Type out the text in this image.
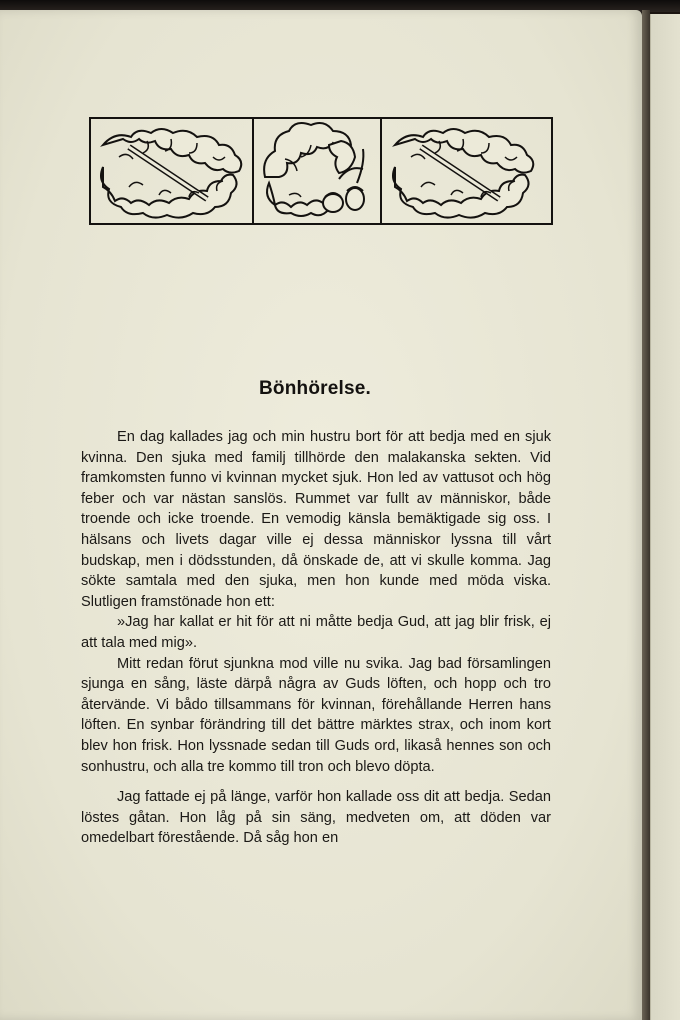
Bönhörelse.

En dag kallades jag och min hustru bort för att bedja med en sjuk kvinna. Den sjuka med familj tillhörde den malakanska sekten. Vid framkomsten funno vi kvinnan mycket sjuk. Hon led av vattusot och hög feber och var nästan sanslös. Rummet var fullt av människor, både troende och icke troende. En vemodig känsla bemäktigade sig oss. I hälsans och livets dagar ville ej dessa människor lyssna till vårt budskap, men i dödsstunden, då önskade de, att vi skulle komma. Jag sökte samtala med den sjuka, men hon kunde med möda viska. Slutligen framstönade hon ett:

»Jag har kallat er hit för att ni måtte bedja Gud, att jag blir frisk, ej att tala med mig».

Mitt redan förut sjunkna mod ville nu svika. Jag bad församlingen sjunga en sång, läste därpå några av Guds löften, och hopp och tro återvände. Vi bådo tillsammans för kvinnan, förehållande Herren hans löften. En synbar förändring till det bättre märktes strax, och inom kort blev hon frisk. Hon lyssnade sedan till Guds ord, likaså hennes son och sonhustru, och alla tre kommo till tron och blevo döpta.

Jag fattade ej på länge, varför hon kallade oss dit att bedja. Sedan löstes gåtan. Hon låg på sin säng, medveten om, att döden var omedelbart förestående. Då såg hon en
